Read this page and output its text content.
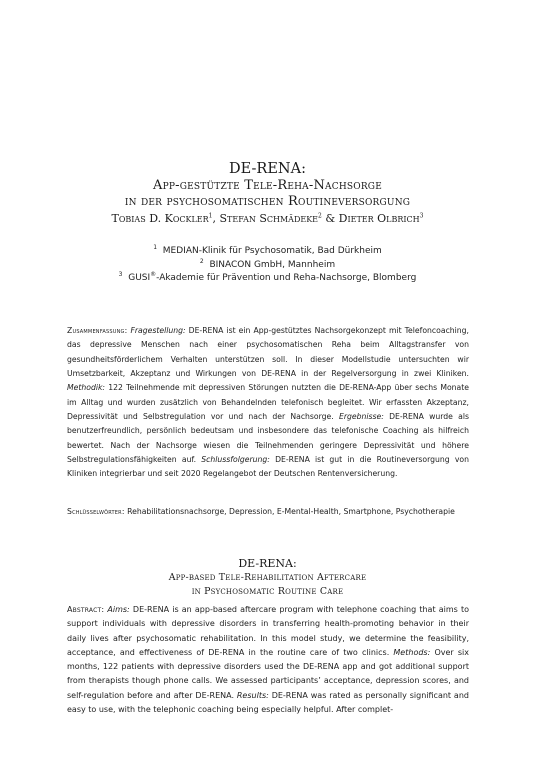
DE-RENA:
App-gestützte Tele-Reha-Nachsorge
in der psychosomatischen Routineversorgung
Tobias D. Kockler$^1$, Stefan Schmädeke$^2$ & Dieter Olbrich$^3$
$^1$ MEDIAN-Klinik für Psychosomatik, Bad Dürkheim
$^2$ BINACON GmbH, Mannheim
$^3$ GUSI®-Akademie für Prävention und Reha-Nachsorge, Blomberg
Zusammenfassung: Fragestellung: DE-RENA ist ein App-gestütztes Nachsorgekonzept mit Telefoncoaching, das depressive Menschen nach einer psychosomatischen Reha beim Alltagstransfer von gesundheitsförderlichem Verhalten unterstützen soll. In dieser Modellstudie untersuchten wir Umsetzbarkeit, Akzeptanz und Wirkungen von DE-RENA in der Regelversorgung in zwei Kliniken. Methodik: 122 Teilnehmende mit depressiven Störungen nutzten die DE-RENA-App über sechs Monate im Alltag und wurden zusätzlich von Behandelnden telefonisch begleitet. Wir erfassten Akzeptanz, Depressivität und Selbstregulation vor und nach der Nachsorge. Ergebnisse: DE-RENA wurde als benutzerfreundlich, persönlich bedeutsam und insbesondere das telefonische Coaching als hilfreich bewertet. Nach der Nachsorge wiesen die Teilnehmenden geringere Depressivität und höhere Selbstregulationsfähigkeiten auf. Schlussfolgerung: DE-RENA ist gut in die Routineversorgung von Kliniken integrierbar und seit 2020 Regelangebot der Deutschen Rentenversicherung.
Schlüsselwörter: Rehabilitationsnachsorge, Depression, E-Mental-Health, Smartphone, Psychotherapie
DE-RENA:
App-based Tele-Rehabilitation Aftercare
in Psychosomatic Routine Care
Abstract: Aims: DE-RENA is an app-based aftercare program with telephone coaching that aims to support individuals with depressive disorders in transferring health-promoting behavior in their daily lives after psychosomatic rehabilitation. In this model study, we determine the feasibility, acceptance, and effectiveness of DE-RENA in the routine care of two clinics. Methods: Over six months, 122 patients with depressive disorders used the DE-RENA app and got additional support from therapists though phone calls. We assessed participants’ acceptance, depression scores, and self-regulation before and after DE-RENA. Results: DE-RENA was rated as personally significant and easy to use, with the telephonic coaching being especially helpful. After complet-
